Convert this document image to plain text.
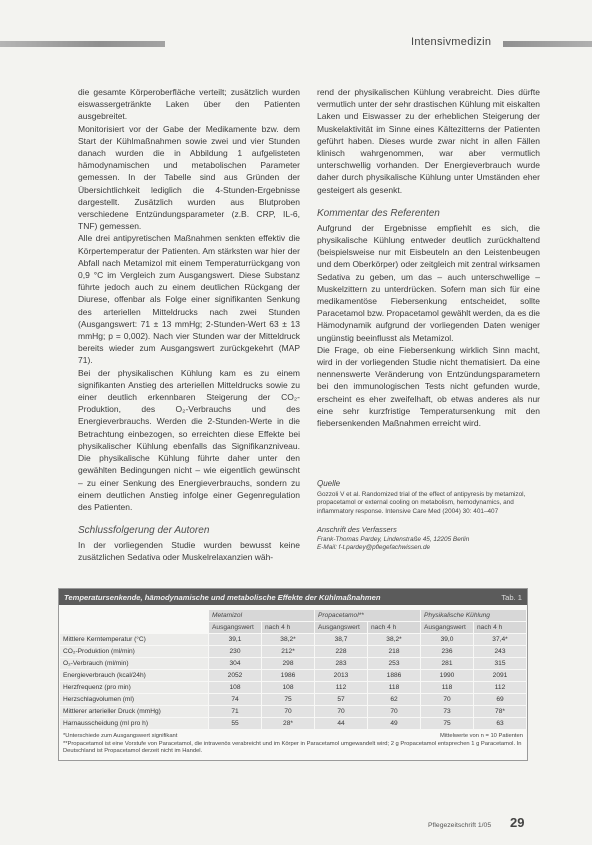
Intensivmedizin

die gesamte Körperoberfläche verteilt; zusätzlich wurden eiswassergetränkte Laken über den Patienten ausgebreitet.

Monitorisiert vor der Gabe der Medikamente bzw. dem Start der Kühlmaßnahmen sowie zwei und vier Stunden danach wurden die in Abbildung 1 aufgelisteten hämodynamischen und metabolischen Parameter gemessen. In der Tabelle sind aus Gründen der Übersichtlichkeit lediglich die 4-Stunden-Ergebnisse dargestellt. Zusätzlich wurden aus Blutproben verschiedene Entzündungsparameter (z.B. CRP, IL-6, TNF) gemessen.

Alle drei antipyretischen Maßnahmen senkten effektiv die Körpertemperatur der Patienten. Am stärksten war hier der Abfall nach Metamizol mit einem Temperaturrückgang von 0,9 °C im Vergleich zum Ausgangswert. Diese Substanz führte jedoch auch zu einem deutlichen Rückgang der Diurese, offenbar als Folge einer signifikanten Senkung des arteriellen Mitteldrucks nach zwei Stunden (Ausgangswert: 71 ± 13 mmHg; 2-Stunden-Wert 63 ± 13 mmHg; p = 0,002). Nach vier Stunden war der Mitteldruck bereits wieder zum Ausgangswert zurückgekehrt (MAP 71).

Bei der physikalischen Kühlung kam es zu einem signifikanten Anstieg des arteriellen Mitteldrucks sowie zu einer deutlich erkennbaren Steigerung der CO₂-Produktion, des O₂-Verbrauchs und des Energieverbrauchs. Werden die 2-Stunden-Werte in die Betrachtung einbezogen, so erreichten diese Effekte bei physikalischer Kühlung ebenfalls das Signifikanzniveau. Die physikalische Kühlung führte daher unter den gewählten Bedingungen nicht – wie eigentlich gewünscht – zu einer Senkung des Energieverbrauchs, sondern zu einem deutlichen Anstieg infolge einer Gegenregulation des Patienten.

Schlussfolgerung der Autoren

In der vorliegenden Studie wurden bewusst keine zusätzlichen Sedativa oder Muskelrelaxanzien wäh-

rend der physikalischen Kühlung verabreicht. Dies dürfte vermutlich unter der sehr drastischen Kühlung mit eiskalten Laken und Eiswasser zu der erheblichen Steigerung der Muskelaktivität im Sinne eines Kältezitterns der Patienten geführt haben. Dieses wurde zwar nicht in allen Fällen klinisch wahrgenommen, war aber vermutlich unterschwellig vorhanden. Der Energieverbrauch wurde daher durch physikalische Kühlung unter Umständen eher gesteigert als gesenkt.

Kommentar des Referenten

Aufgrund der Ergebnisse empfiehlt es sich, die physikalische Kühlung entweder deutlich zurückhaltend (beispielsweise nur mit Eisbeuteln an den Leistenbeugen und dem Oberkörper) oder zeitgleich mit zentral wirksamen Sedativa zu geben, um das – auch unterschwellige – Muskelzittern zu unterdrücken. Sofern man sich für eine medikamentöse Fiebersenkung entscheidet, sollte Paracetamol bzw. Propacetamol gewählt werden, da es die Hämodynamik aufgrund der vorliegenden Daten weniger ungünstig beeinflusst als Metamizol.

Die Frage, ob eine Fiebersenkung wirklich Sinn macht, wird in der vorliegenden Studie nicht thematisiert. Da eine nennenswerte Veränderung von Entzündungsparametern bei den immunologischen Tests nicht gefunden wurde, erscheint es eher zweifelhaft, ob etwas anderes als nur eine sehr kurzfristige Temperatursenkung mit den fiebersenkenden Maßnahmen erreicht wird.

Quelle
Gozzoli V et al. Randomized trial of the effect of antipyresis by metamizol, propacetamol or external cooling on metabolism, hemodynamics, and inflammatory response. Intensive Care Med (2004) 30: 401–407
Anschrift des Verfassers
Frank-Thomas Pardey, Lindenstraße 45, 12205 Berlin
E-Mail: f-t.pardey@pflegefachwissen.de
Temperatursenkende, hämodynamische und metabolische Effekte der Kühlmaßnahmen	Tab. 1
	Metamizol		Propacetamol**		Physikalische Kühlung	
	Ausgangswert	nach 4 h	Ausgangswert	nach 4 h	Ausgangswert	nach 4 h
Mittlere Kerntemperatur (°C)	39,1	38,2*	38,7	38,2*	39,0	37,4*
CO₂-Produktion (ml/min)	230	212*	228	218	236	243
O₂-Verbrauch (ml/min)	304	298	283	253	281	315
Energieverbrauch (kcal/24h)	2052	1986	2013	1886	1990	2091
Herzfrequenz (pro min)	108	108	112	118	118	112
Herzschlagvolumen (ml)	74	75	57	62	70	69
Mittlerer arterieller Druck (mmHg)	71	70	70	70	73	78*
Harnausscheidung (ml pro h)	55	28*	44	49	75	63
*Unterschiede zum Ausgangswert signifikant	Mittelwerte von n = 10 Patienten
**Propacetamol ist eine Vorstufe von Paracetamol, die intravenös verabreicht und im Körper in Paracetamol umgewandelt wird; 2 g Propacetamol entsprechen 1 g Paracetamol. In Deutschland ist Propacetamol derzeit nicht im Handel.
Pflegezeitschrift 1/05 29
